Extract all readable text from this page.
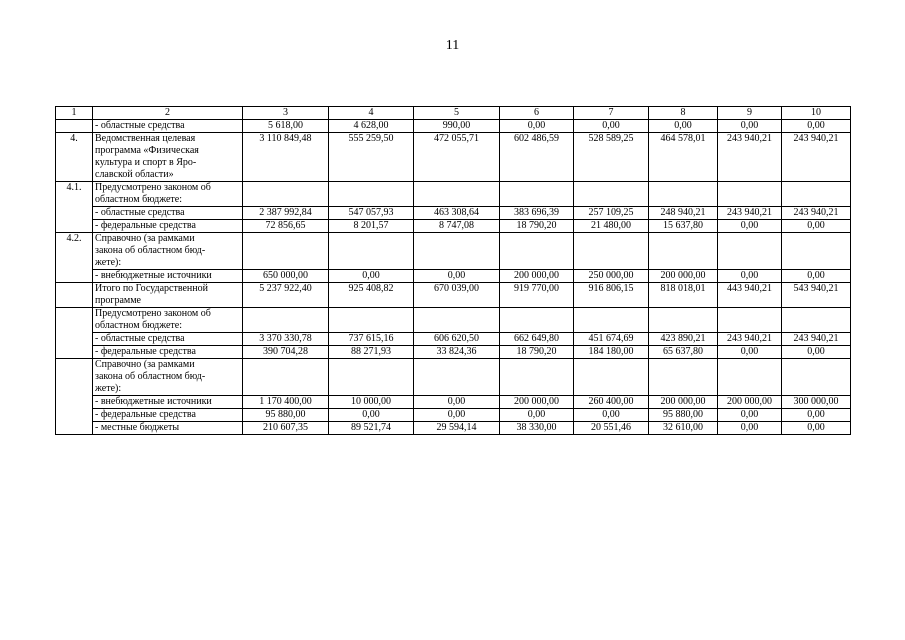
11
1	2	3	4	5	6	7	8	9	10
	- областные средства	5 618,00	4 628,00	990,00	0,00	0,00	0,00	0,00	0,00
4.	Ведомственная целевая
программа «Физическая
культура и спорт в Яро-
славской области»	3 110 849,48	555 259,50	472 055,71	602 486,59	528 589,25	464 578,01	243 940,21	243 940,21
4.1.	Предусмотрено законом об
областном бюджете:								

	- областные средства	2 387 992,84	547 057,93	463 308,64	383 696,39	257 109,25	248 940,21	243 940,21	243 940,21
	- федеральные средства	72 856,65	8 201,57	8 747,08	18 790,20	21 480,00	15 637,80	0,00	0,00
4.2.	Справочно (за рамками
закона об областном бюд-
жете):								

	- внебюджетные источники	650 000,00	0,00	0,00	200 000,00	250 000,00	200 000,00	0,00	0,00

	Итого по Государственной
программе	5 237 922,40	925 408,82	670 039,00	919 770,00	916 806,15	818 018,01	443 940,21	543 940,21

	Предусмотрено законом об
областном бюджете:								

	- областные средства	3 370 330,78	737 615,16	606 620,50	662 649,80	451 674,69	423 890,21	243 940,21	243 940,21
	- федеральные средства	390 704,28	88 271,93	33 824,36	18 790,20	184 180,00	65 637,80	0,00	0,00

	Справочно (за рамками
закона об областном бюд-
жете):								

	- внебюджетные источники	1 170 400,00	10 000,00	0,00	200 000,00	260 400,00	200 000,00	200 000,00	300 000,00
	- федеральные средства	95 880,00	0,00	0,00	0,00	0,00	95 880,00	0,00	0,00
	- местные бюджеты	210 607,35	89 521,74	29 594,14	38 330,00	20 551,46	32 610,00	0,00	0,00
